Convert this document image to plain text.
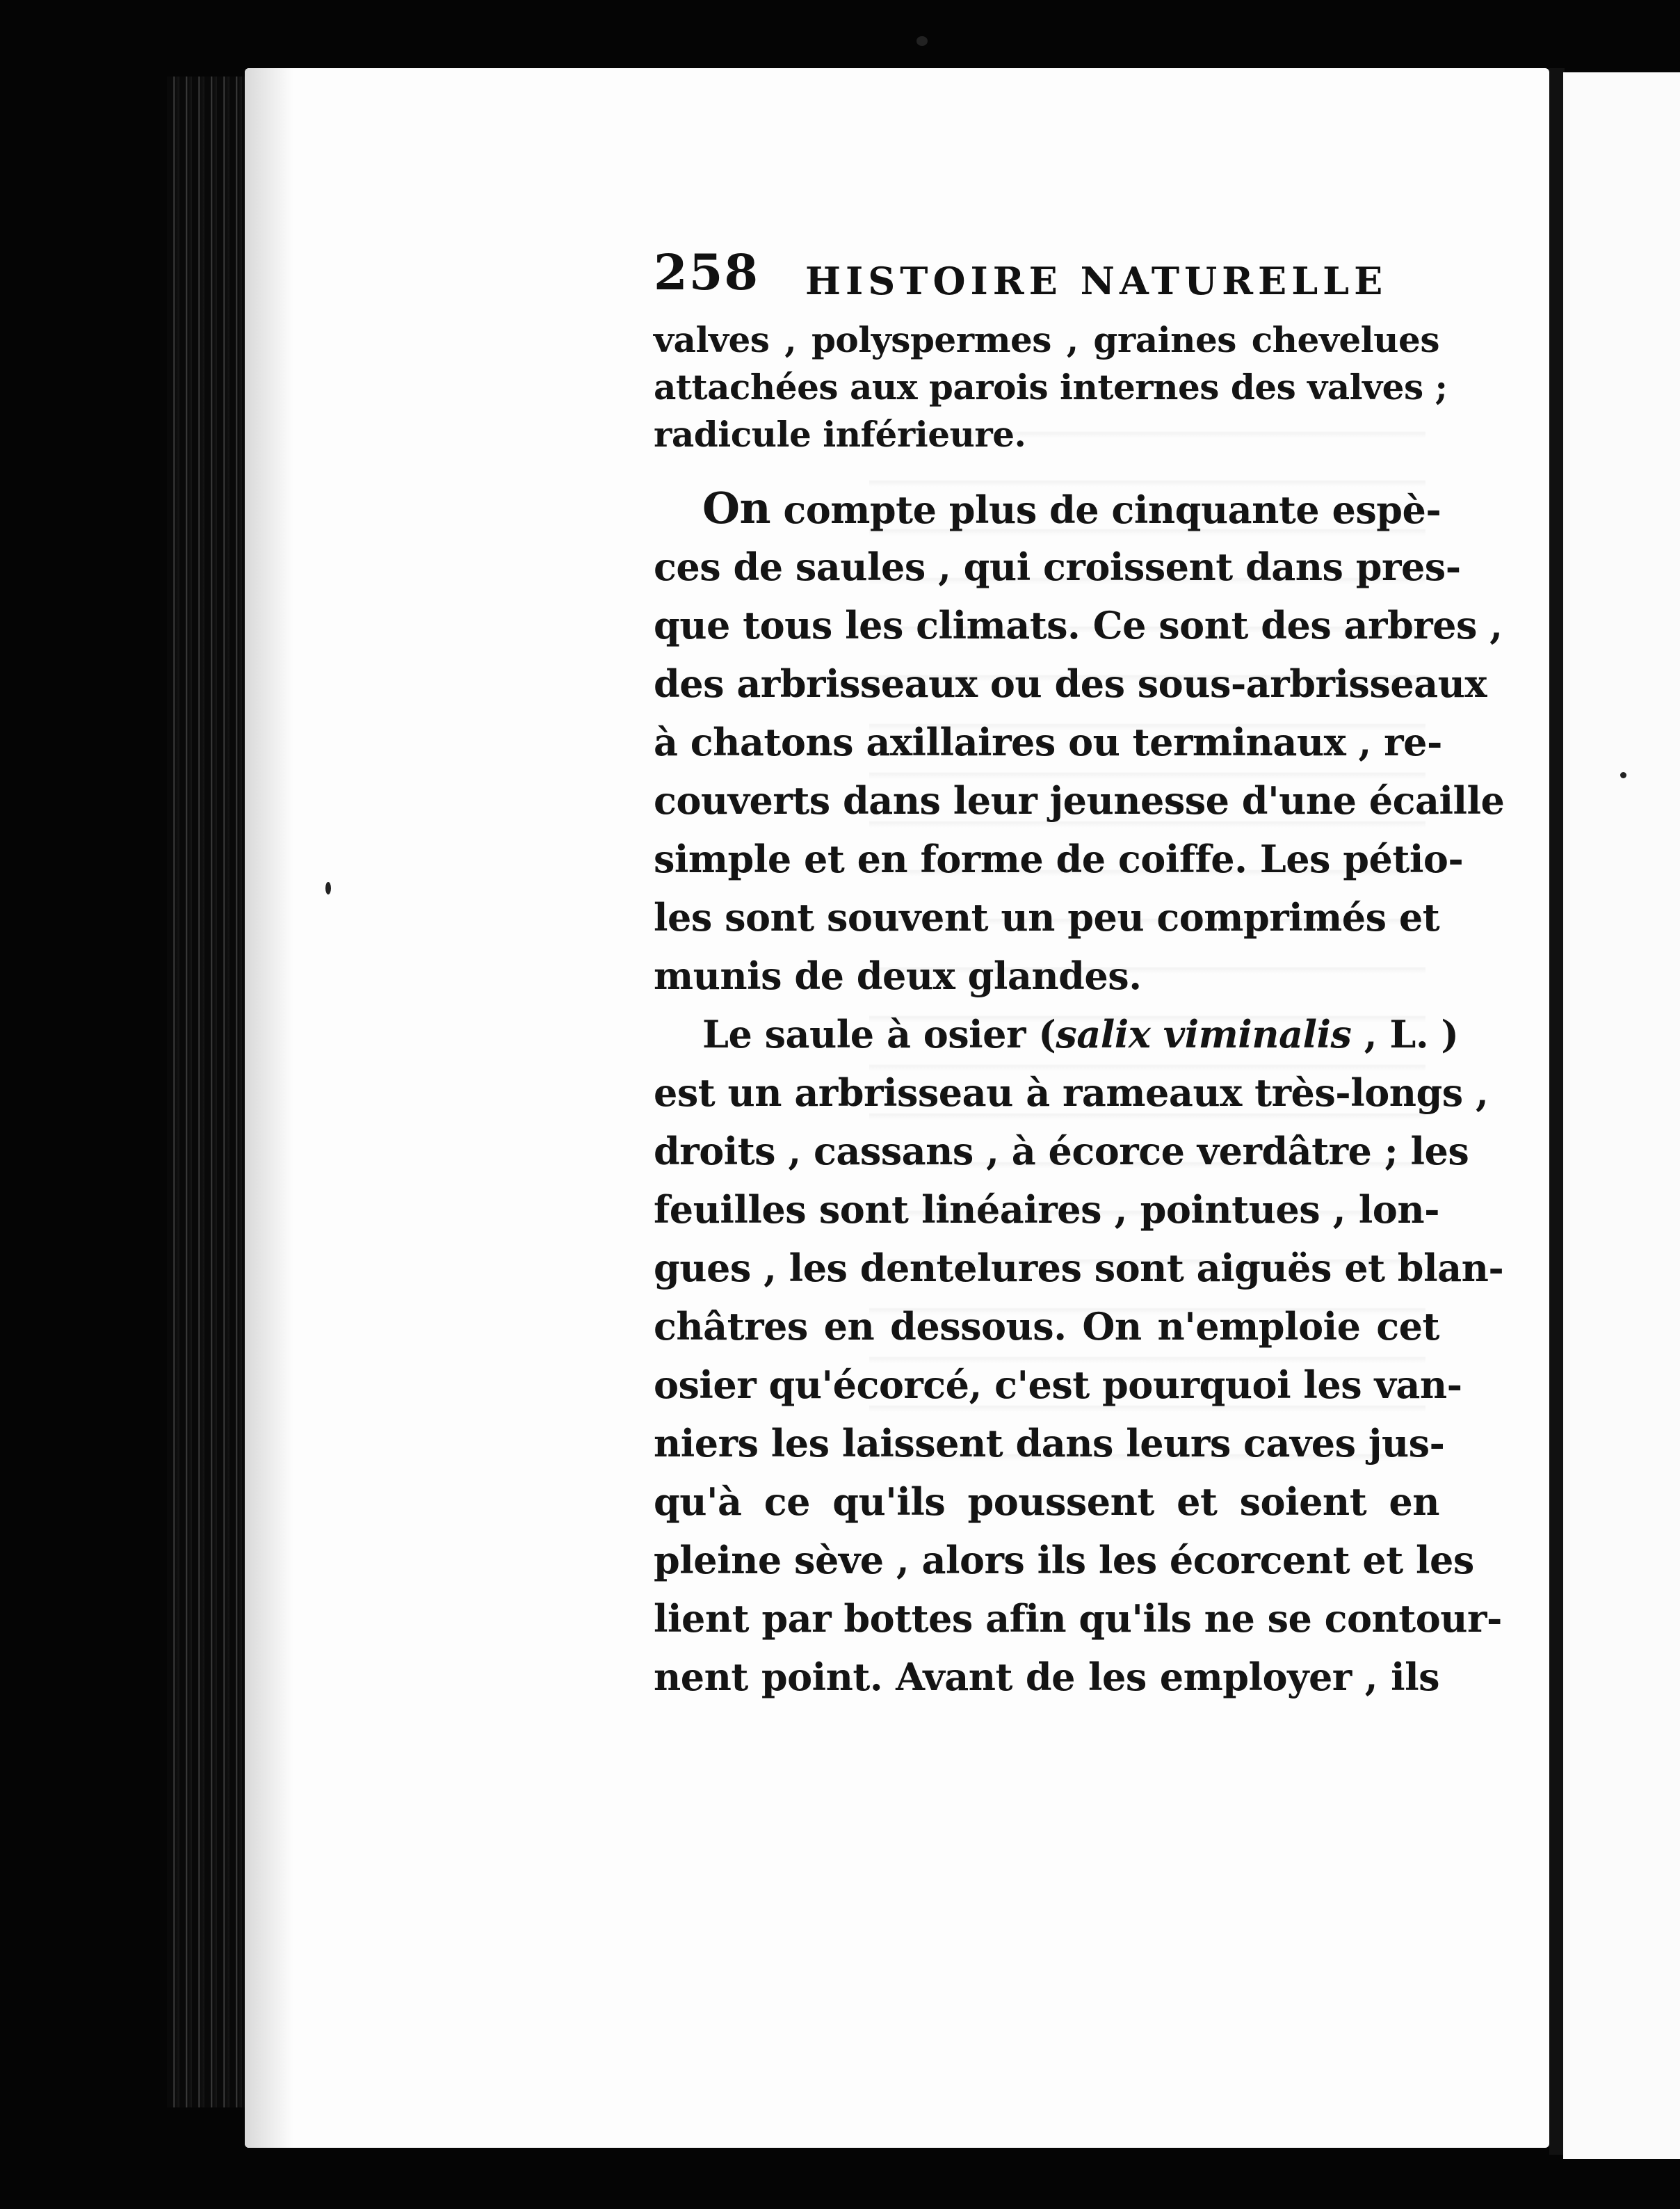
258 HISTOIRE NATURELLE
valves , polyspermes , graines chevelues
attachées aux parois internes des valves ;
radicule inférieure.
On compte plus de cinquante espè-
ces de saules , qui croissent dans pres-
que tous les climats. Ce sont des arbres ,
des arbrisseaux ou des sous-arbrisseaux
à chatons axillaires ou terminaux , re-
couverts dans leur jeunesse d'une écaille
simple et en forme de coiffe. Les pétio-
les sont souvent un peu comprimés et
munis de deux glandes.
Le saule à osier (salix viminalis , L. )
est un arbrisseau à rameaux très-longs ,
droits , cassans , à écorce verdâtre ; les
feuilles sont linéaires , pointues , lon-
gues , les dentelures sont aiguës et blan-
châtres en dessous. On n'emploie cet
osier qu'écorcé, c'est pourquoi les van-
niers les laissent dans leurs caves jus-
qu'à ce qu'ils poussent et soient en
pleine sève , alors ils les écorcent et les
lient par bottes afin qu'ils ne se contour-
nent point. Avant de les employer , ils
